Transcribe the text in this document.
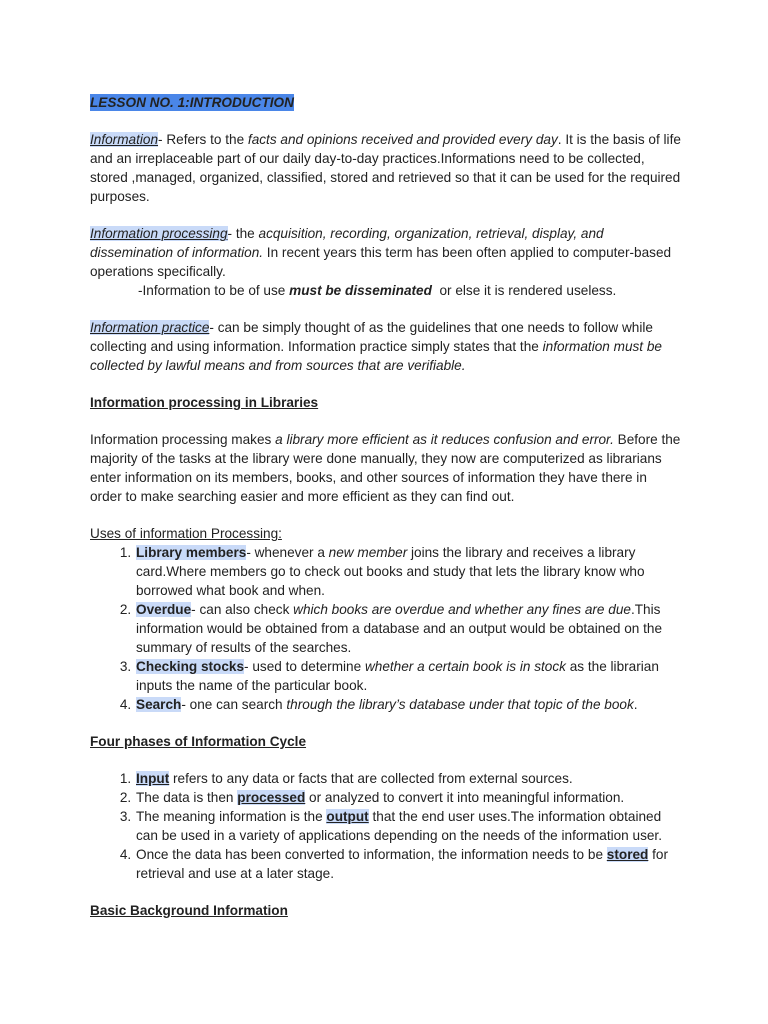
LESSON NO. 1:INTRODUCTION

Information- Refers to the facts and opinions received and provided every day. It is the basis of life and an irreplaceable part of our daily day-to-day practices.Informations need to be collected, stored ,managed, organized, classified, stored and retrieved so that it can be used for the required purposes.

Information processing- the acquisition, recording, organization, retrieval, display, and dissemination of information. In recent years this term has been often applied to computer-based operations specifically.

-Information to be of use must be disseminated  or else it is rendered useless.

Information practice- can be simply thought of as the guidelines that one needs to follow while collecting and using information. Information practice simply states that the information must be collected by lawful means and from sources that are verifiable.

Information processing in Libraries

Information processing makes a library more efficient as it reduces confusion and error. Before the majority of the tasks at the library were done manually, they now are computerized as librarians enter information on its members, books, and other sources of information they have there in order to make searching easier and more efficient as they can find out.

Uses of information Processing:

1. Library members- whenever a new member joins the library and receives a library card.Where members go to check out books and study that lets the library know who borrowed what book and when.
2. Overdue- can also check which books are overdue and whether any fines are due.This information would be obtained from a database and an output would be obtained on the summary of results of the searches.
3. Checking stocks- used to determine whether a certain book is in stock as the librarian inputs the name of the particular book.
4. Search- one can search through the library’s database under that topic of the book.

Four phases of Information Cycle

1. Input refers to any data or facts that are collected from external sources.
2. The data is then processed or analyzed to convert it into meaningful information.
3. The meaning information is the output that the end user uses.The information obtained can be used in a variety of applications depending on the needs of the information user.
4. Once the data has been converted to information, the information needs to be stored for retrieval and use at a later stage.

Basic Background Information
